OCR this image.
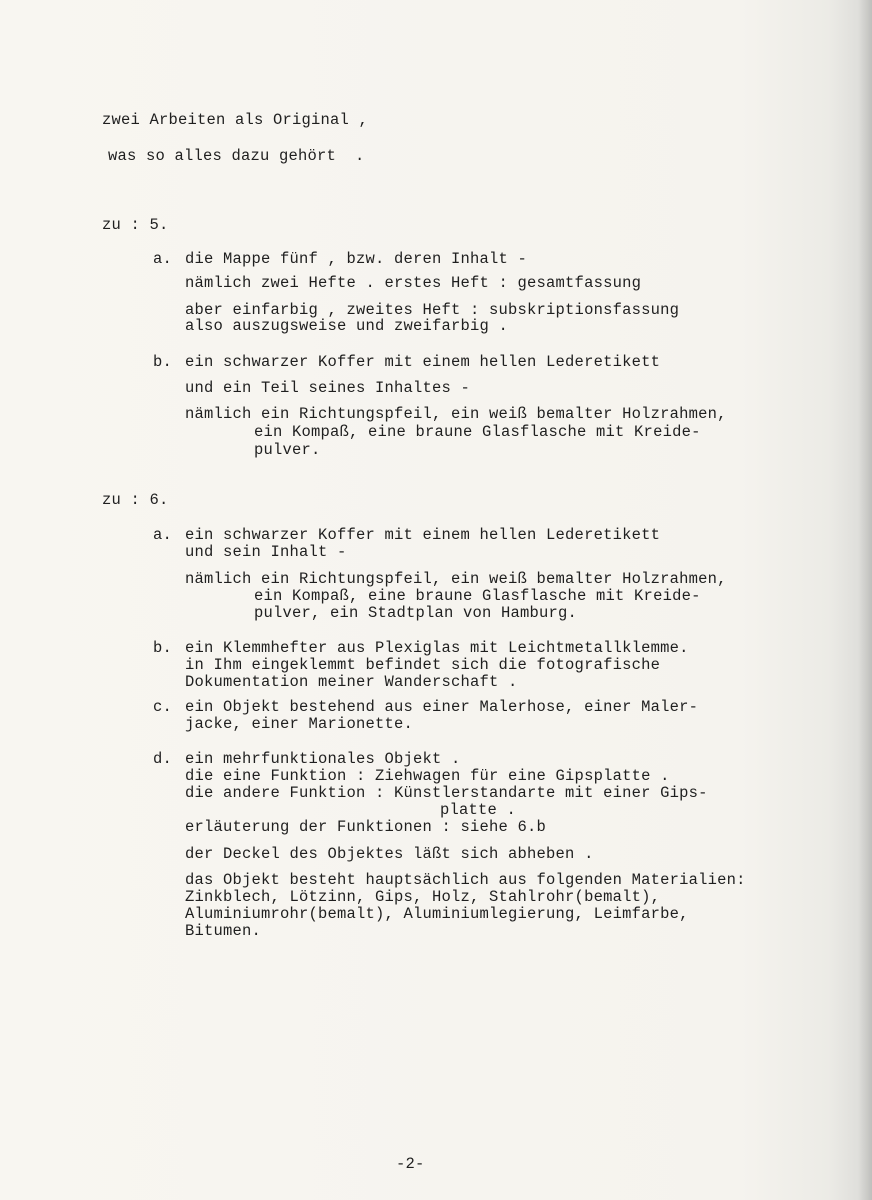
zwei Arbeiten als Original ,
was so alles dazu gehört  .
zu : 5.
a. die Mappe fünf , bzw. deren Inhalt -
nämlich zwei Hefte . erstes Heft : gesamtfassung
aber einfarbig , zweites Heft : subskriptionsfassung
also auszugsweise und zweifarbig .
b. ein schwarzer Koffer mit einem hellen Lederetikett
und ein Teil seines Inhaltes -
nämlich ein Richtungspfeil, ein weiß bemalter Holzrahmen,
ein Kompaß, eine braune Glasflasche mit Kreide-
pulver.
zu : 6.
a. ein schwarzer Koffer mit einem hellen Lederetikett
und sein Inhalt -
nämlich ein Richtungspfeil, ein weiß bemalter Holzrahmen,
ein Kompaß, eine braune Glasflasche mit Kreide-
pulver, ein Stadtplan von Hamburg.
b. ein Klemmhefter aus Plexiglas mit Leichtmetallklemme.
in Ihm eingeklemmt befindet sich die fotografische
Dokumentation meiner Wanderschaft .
c. ein Objekt bestehend aus einer Malerhose, einer Maler-
jacke, einer Marionette.
d. ein mehrfunktionales Objekt .
die eine Funktion : Ziehwagen für eine Gipsplatte .
die andere Funktion : Künstlerstandarte mit einer Gips-
platte .
erläuterung der Funktionen : siehe 6.b
der Deckel des Objektes läßt sich abheben .
das Objekt besteht hauptsächlich aus folgenden Materialien:
Zinkblech, Lötzinn, Gips, Holz, Stahlrohr(bemalt),
Aluminiumrohr(bemalt), Aluminiumlegierung, Leimfarbe,
Bitumen.
-2-
